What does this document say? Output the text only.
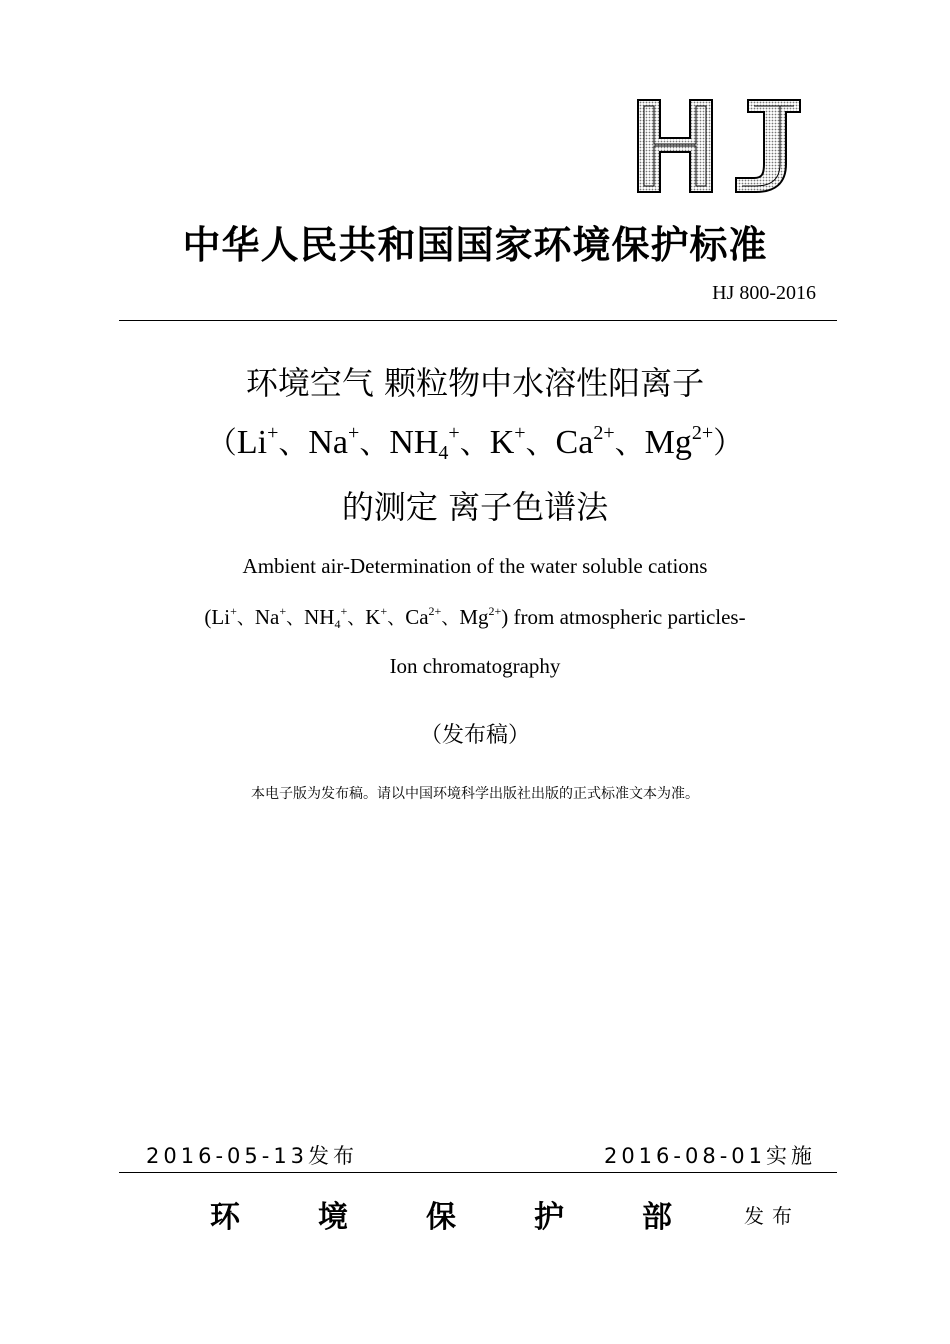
中华人民共和国国家环境保护标准
HJ 800-2016
环境空气 颗粒物中水溶性阳离子
（Li+、Na+、$NH_4^+$、K+、$Ca^{2+}$、$Mg^{2+}$）
的测定 离子色谱法
Ambient air-Determination of the water soluble cations
(Li+、Na+、$NH_4^+$、K+、$Ca^{2+}$、$Mg^{2+}$) from atmospheric particles-
Ion chromatography
（发布稿）
本电子版为发布稿。请以中国环境科学出版社出版的正式标准文本为准。
2016-05-13发布	2016-08-01实施
环境保护部
发布
